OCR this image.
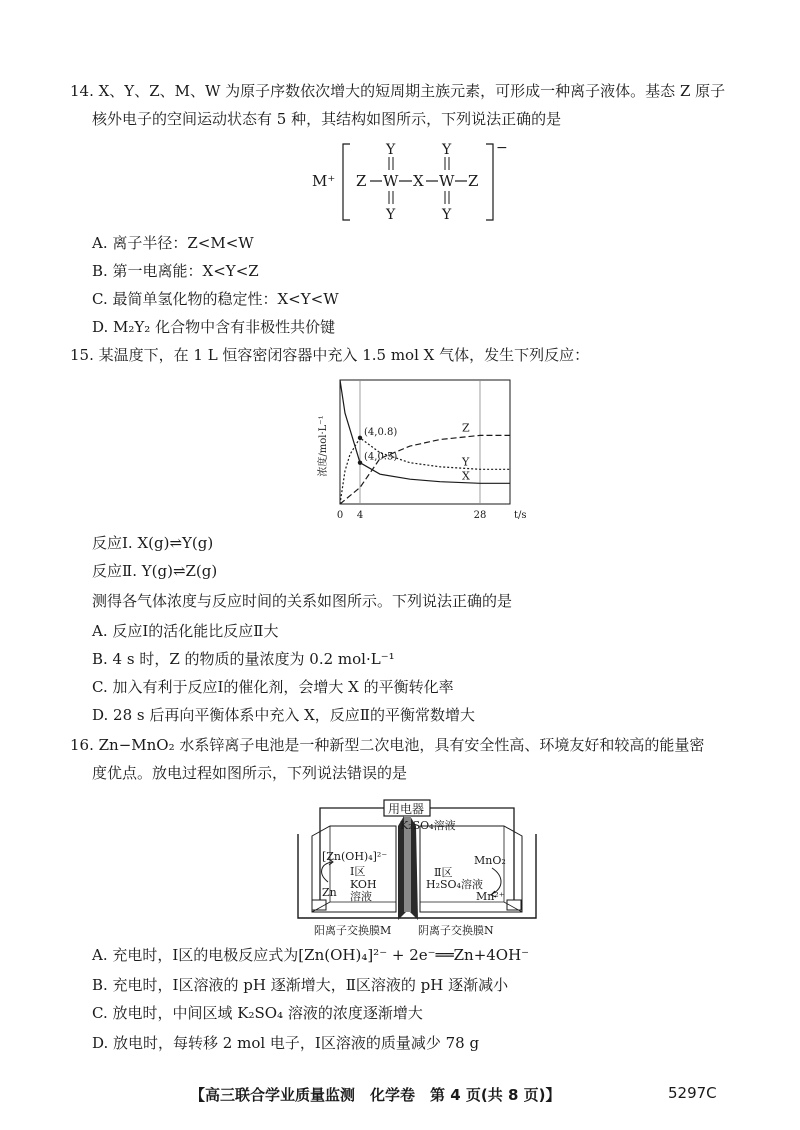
14. X、Y、Z、M、W 为原子序数依次增大的短周期主族元素，可形成一种离子液体。基态 Z 原子
核外电子的空间运动状态有 5 种，其结构如图所示，下列说法正确的是
M⁺
−
Z W X W Z
Y	Y
Y	Y
A. 离子半径：Z<M<W
B. 第一电离能：X<Y<Z
C. 最简单氢化物的稳定性：X<Y<W
D. M₂Y₂ 化合物中含有非极性共价键
15. 某温度下，在 1 L 恒容密闭容器中充入 1.5 mol X 气体，发生下列反应：
浓度/mol·L⁻¹
0 4	28	t/s
X
Y
Z
(4,0.8)
(4,0.5)
反应Ⅰ. X(g)⇌Y(g)
反应Ⅱ. Y(g)⇌Z(g)
测得各气体浓度与反应时间的关系如图所示。下列说法正确的是
A. 反应Ⅰ的活化能比反应Ⅱ大
B. 4 s 时，Z 的物质的量浓度为 0.2 mol·L⁻¹
C. 加入有利于反应Ⅰ的催化剂，会增大 X 的平衡转化率
D. 28 s 后再向平衡体系中充入 X，反应Ⅱ的平衡常数增大
16. Zn−MnO₂ 水系锌离子电池是一种新型二次电池，具有安全性高、环境友好和较高的能量密
度优点。放电过程如图所示，下列说法错误的是
用电器
K₂SO₄溶液
[Zn(OH)₄]²⁻
Ⅰ区
KOH
溶液
Zn
MnO₂
Ⅱ区
H₂SO₄溶液
Mn²⁺
阳离子交换膜M 阴离子交换膜N
A. 充电时，Ⅰ区的电极反应式为[Zn(OH)₄]²⁻ + 2e⁻══Zn+4OH⁻
B. 充电时，Ⅰ区溶液的 pH 逐渐增大，Ⅱ区溶液的 pH 逐渐减小
C. 放电时，中间区域 K₂SO₄ 溶液的浓度逐渐增大
D. 放电时，每转移 2 mol 电子，Ⅰ区溶液的质量减少 78 g
【高三联合学业质量监测　化学卷　第 4 页(共 8 页)】	5297C
